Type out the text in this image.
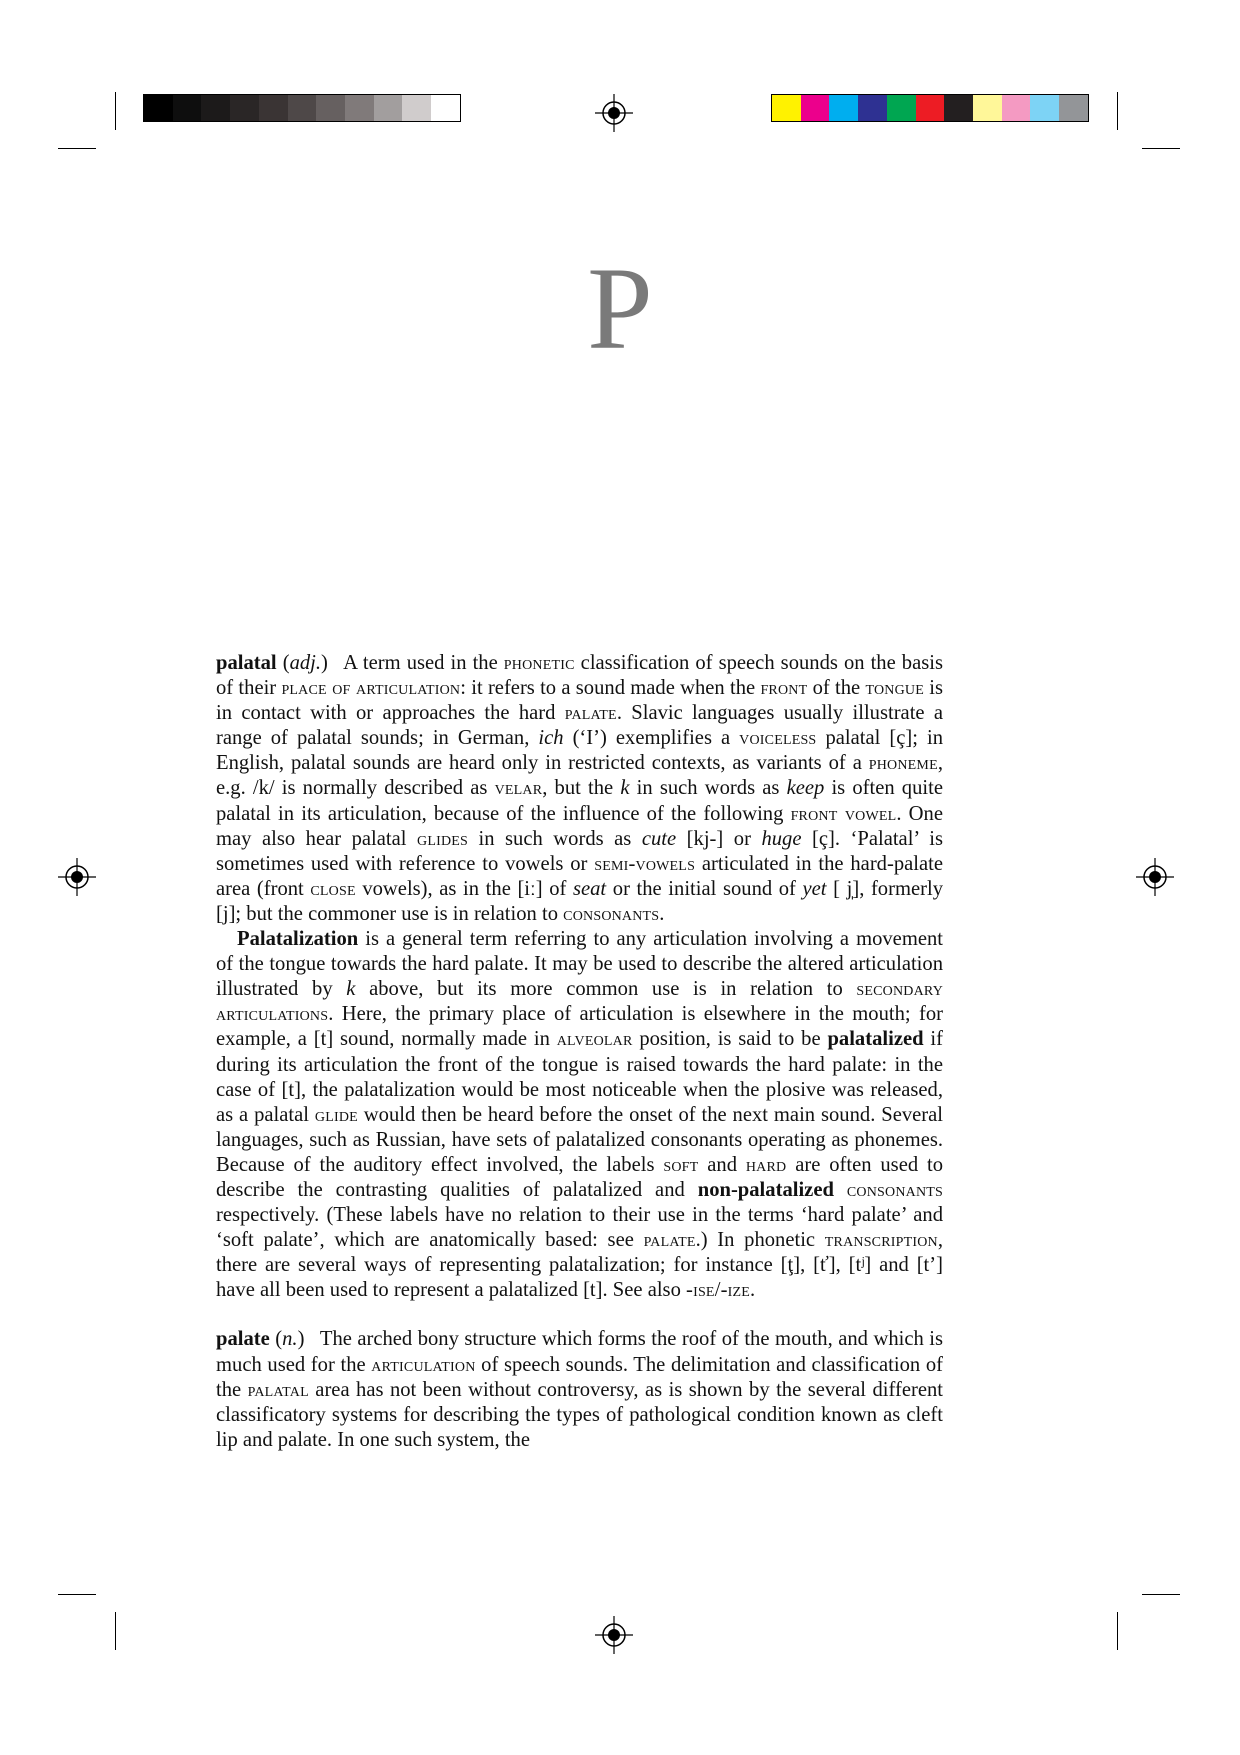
P

palatal (adj.) A term used in the phonetic classification of speech sounds on the basis of their place of articulation: it refers to a sound made when the front of the tongue is in contact with or approaches the hard palate. Slavic languages usually illustrate a range of palatal sounds; in German, ich (‘I’) exemplifies a voiceless palatal [ç]; in English, palatal sounds are heard only in restricted contexts, as variants of a phoneme, e.g. /k/ is normally described as velar, but the k in such words as keep is often quite palatal in its articulation, because of the influence of the following front vowel. One may also hear palatal glides in such words as cute [kj-] or huge [ç]. ‘Palatal’ is sometimes used with reference to vowels or semi-vowels articulated in the hard-palate area (front close vowels), as in the [iː] of seat or the initial sound of yet [ j̩], formerly [j]; but the commoner use is in relation to consonants.

Palatalization is a general term referring to any articulation involving a movement of the tongue towards the hard palate. It may be used to describe the altered articulation illustrated by k above, but its more common use is in relation to secondary articulations. Here, the primary place of articulation is elsewhere in the mouth; for example, a [t] sound, normally made in alveolar position, is said to be palatalized if during its articulation the front of the tongue is raised towards the hard palate: in the case of [t], the palatalization would be most noticeable when the plosive was released, as a palatal glide would then be heard before the onset of the next main sound. Several languages, such as Russian, have sets of palatalized consonants operating as phonemes. Because of the auditory effect involved, the labels soft and hard are often used to describe the contrasting qualities of palatalized and non-palatalized consonants respectively. (These labels have no relation to their use in the terms ‘hard palate’ and ‘soft palate’, which are anatomically based: see palate.) In phonetic transcription, there are several ways of representing palatalization; for instance [ţ], [ť], [tʲ] and [t’] have all been used to represent a palatalized [t]. See also -ise/-ize.

palate (n.) The arched bony structure which forms the roof of the mouth, and which is much used for the articulation of speech sounds. The delimitation and classification of the palatal area has not been without controversy, as is shown by the several different classificatory systems for describing the types of pathological condition known as cleft lip and palate. In one such system, the
